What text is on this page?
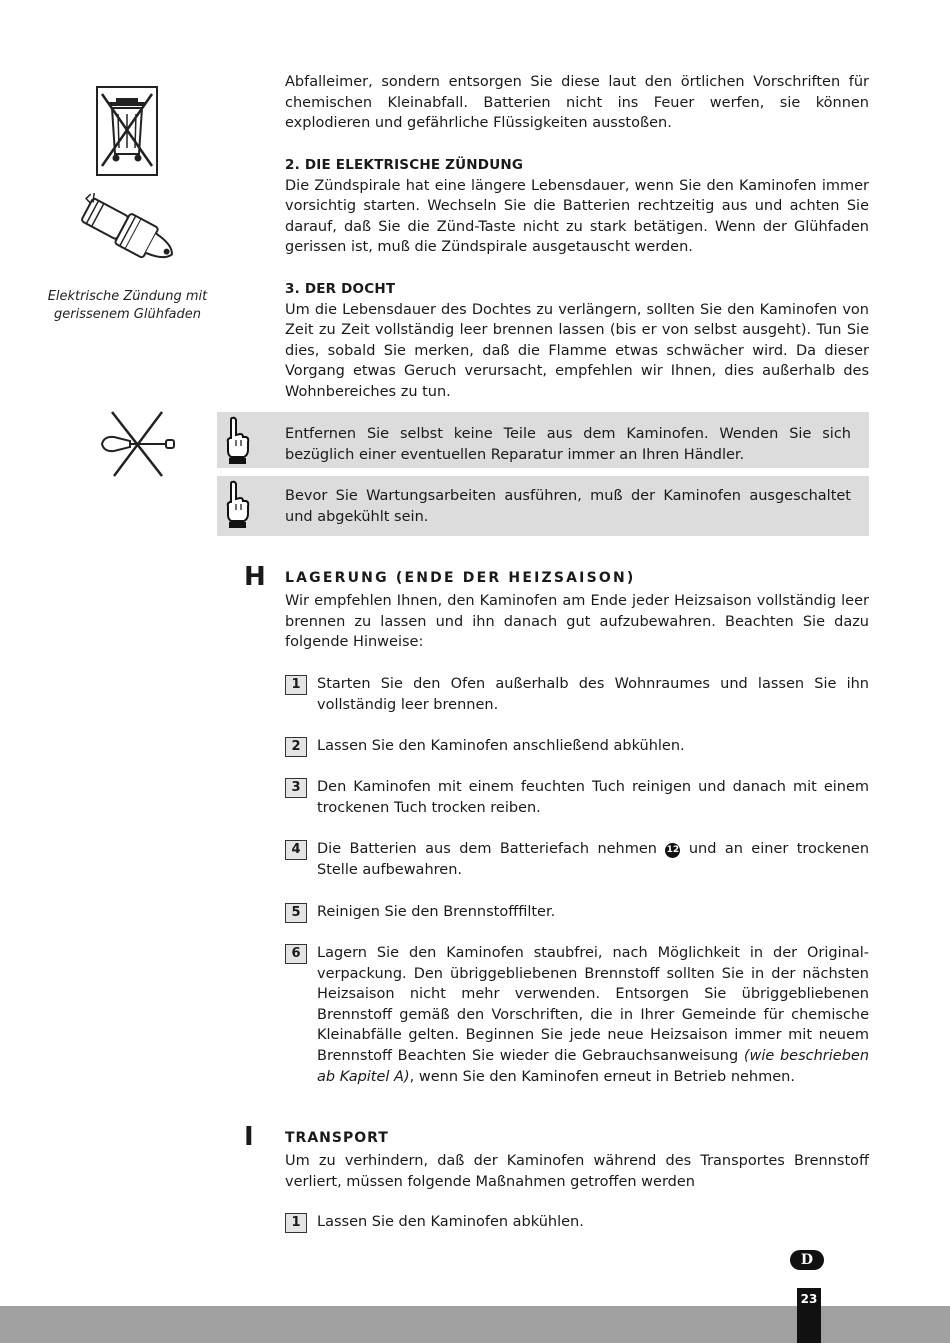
Elektrische Zündung mit
gerissenem Glühfaden

Abfalleimer, sondern entsorgen Sie diese laut den örtlichen Vorschriften für chemischen Kleinabfall. Batterien nicht ins Feuer werfen, sie können explodieren und gefährliche Flüssigkeiten ausstoßen.

2. DIE ELEKTRISCHE ZÜNDUNG

Die Zündspirale hat eine längere Lebensdauer, wenn Sie den Kaminofen immer vorsichtig starten. Wechseln Sie die Batterien rechtzeitig aus und achten Sie darauf, daß Sie die Zünd-Taste nicht zu stark betätigen. Wenn der Glühfaden gerissen ist, muß die Zündspirale ausgetauscht werden.

3. DER DOCHT

Um die Lebensdauer des Dochtes zu verlängern, sollten Sie den Kaminofen von Zeit zu Zeit vollständig leer brennen lassen (bis er von selbst ausgeht). Tun Sie dies, sobald Sie merken, daß die Flamme etwas schwächer wird. Da dieser Vorgang etwas Geruch verursacht, empfehlen wir Ihnen, dies außerhalb des Wohnbereiches zu tun.

Entfernen Sie selbst keine Teile aus dem Kaminofen. Wenden Sie sich bezüglich einer eventuellen Reparatur immer an Ihren Händler.

Bevor Sie Wartungsarbeiten ausführen, muß der Kaminofen ausgeschaltet und abgekühlt sein.

H LAGERUNG (ENDE DER HEIZSAISON)

Wir empfehlen Ihnen, den Kaminofen am Ende jeder Heizsaison vollständig leer brennen zu lassen und ihn danach gut aufzubewahren. Beachten Sie dazu folgende Hinweise:

1	Starten Sie den Ofen außerhalb des Wohnraumes und lassen Sie ihn vollständig leer brennen.

2	Lassen Sie den Kaminofen anschließend abkühlen.

3	Den Kaminofen mit einem feuchten Tuch reinigen und danach mit einem trockenen Tuch trocken reiben.

4	Die Batterien aus dem Batteriefach nehmen 12 und an einer trockenen Stelle aufbewahren.

5	Reinigen Sie den Brennstofffilter.

6	Lagern Sie den Kaminofen staubfrei, nach Möglichkeit in der Original-verpackung. Den übriggebliebenen Brennstoff sollten Sie in der nächsten Heizsaison nicht mehr verwenden. Entsorgen Sie übriggebliebenen Brennstoff gemäß den Vorschriften, die in Ihrer Gemeinde für chemische Kleinabfälle gelten. Beginnen Sie jede neue Heizsaison immer mit neuem Brennstoff Beachten Sie wieder die Gebrauchsanweisung (wie beschrieben ab Kapitel A), wenn Sie den Kaminofen erneut in Betrieb nehmen.

I TRANSPORT

Um zu verhindern, daß der Kaminofen während des Transportes Brennstoff verliert, müssen folgende Maßnahmen getroffen werden

1	Lassen Sie den Kaminofen abkühlen.

D
23
